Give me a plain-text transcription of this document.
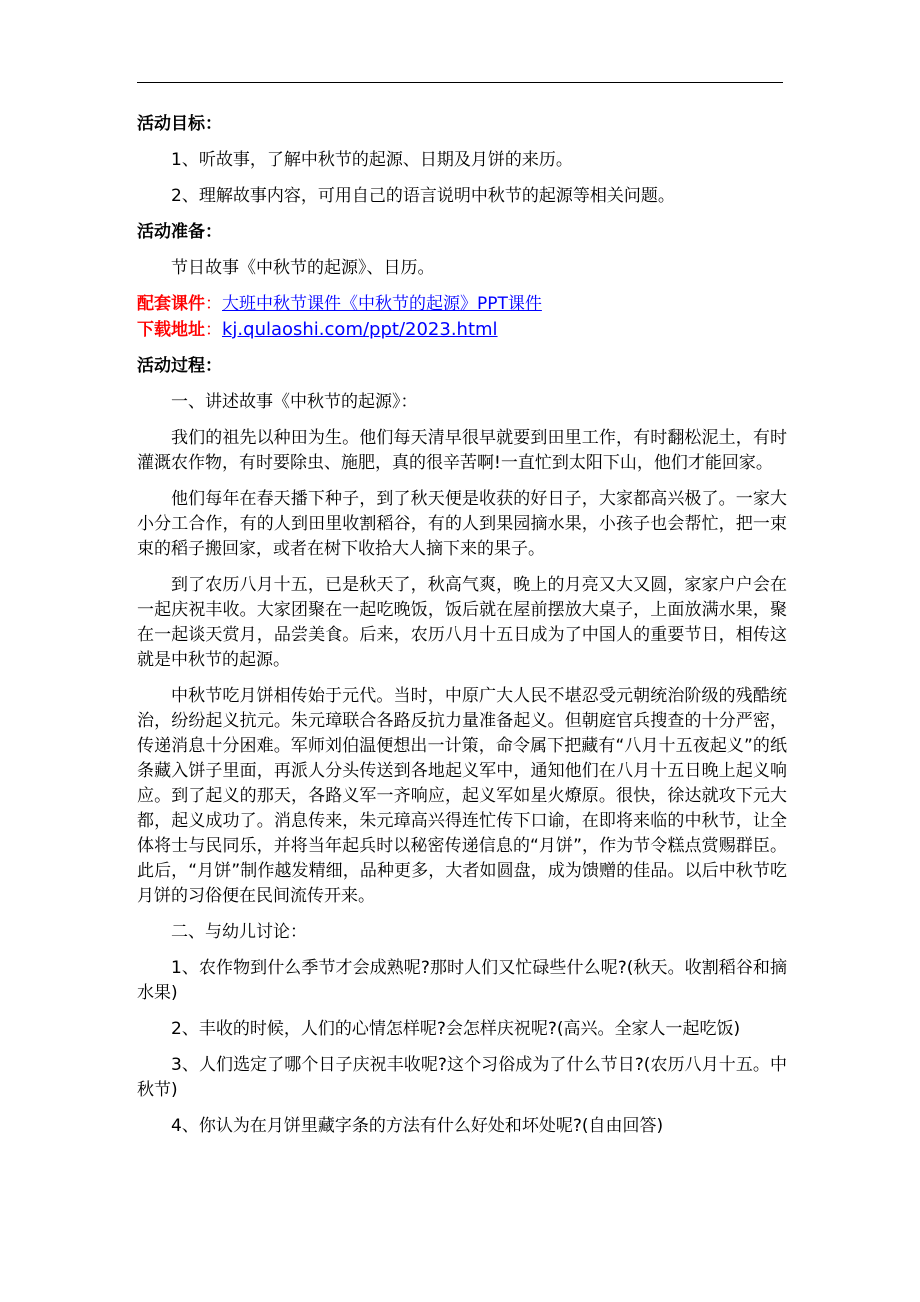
活动目标：

1、听故事，了解中秋节的起源、日期及月饼的来历。

2、理解故事内容，可用自己的语言说明中秋节的起源等相关问题。

活动准备：

节日故事《中秋节的起源》、日历。

配套课件：大班中秋节课件《中秋节的起源》PPT课件
下载地址：kj.qulaoshi.com/ppt/2023.html

活动过程：

一、讲述故事《中秋节的起源》：

我们的祖先以种田为生。他们每天清早很早就要到田里工作，有时翻松泥土，有时灌溉农作物，有时要除虫、施肥，真的很辛苦啊!一直忙到太阳下山，他们才能回家。

他们每年在春天播下种子，到了秋天便是收获的好日子，大家都高兴极了。一家大小分工合作，有的人到田里收割稻谷，有的人到果园摘水果，小孩子也会帮忙，把一束束的稻子搬回家，或者在树下收拾大人摘下来的果子。

到了农历八月十五，已是秋天了，秋高气爽，晚上的月亮又大又圆，家家户户会在一起庆祝丰收。大家团聚在一起吃晚饭，饭后就在屋前摆放大桌子，上面放满水果，聚在一起谈天赏月，品尝美食。后来，农历八月十五日成为了中国人的重要节日，相传这就是中秋节的起源。

中秋节吃月饼相传始于元代。当时，中原广大人民不堪忍受元朝统治阶级的残酷统治，纷纷起义抗元。朱元璋联合各路反抗力量准备起义。但朝庭官兵搜查的十分严密，传递消息十分困难。军师刘伯温便想出一计策，命令属下把藏有“八月十五夜起义”的纸条藏入饼子里面，再派人分头传送到各地起义军中，通知他们在八月十五日晚上起义响应。到了起义的那天，各路义军一齐响应，起义军如星火燎原。很快，徐达就攻下元大都，起义成功了。消息传来，朱元璋高兴得连忙传下口谕，在即将来临的中秋节，让全体将士与民同乐，并将当年起兵时以秘密传递信息的“月饼”，作为节令糕点赏赐群臣。此后，“月饼”制作越发精细，品种更多，大者如圆盘，成为馈赠的佳品。以后中秋节吃月饼的习俗便在民间流传开来。

二、与幼儿讨论：

1、农作物到什么季节才会成熟呢?那时人们又忙碌些什么呢?(秋天。收割稻谷和摘水果)

2、丰收的时候，人们的心情怎样呢?会怎样庆祝呢?(高兴。全家人一起吃饭)

3、人们选定了哪个日子庆祝丰收呢?这个习俗成为了什么节日?(农历八月十五。中秋节)

4、你认为在月饼里藏字条的方法有什么好处和坏处呢?(自由回答)
